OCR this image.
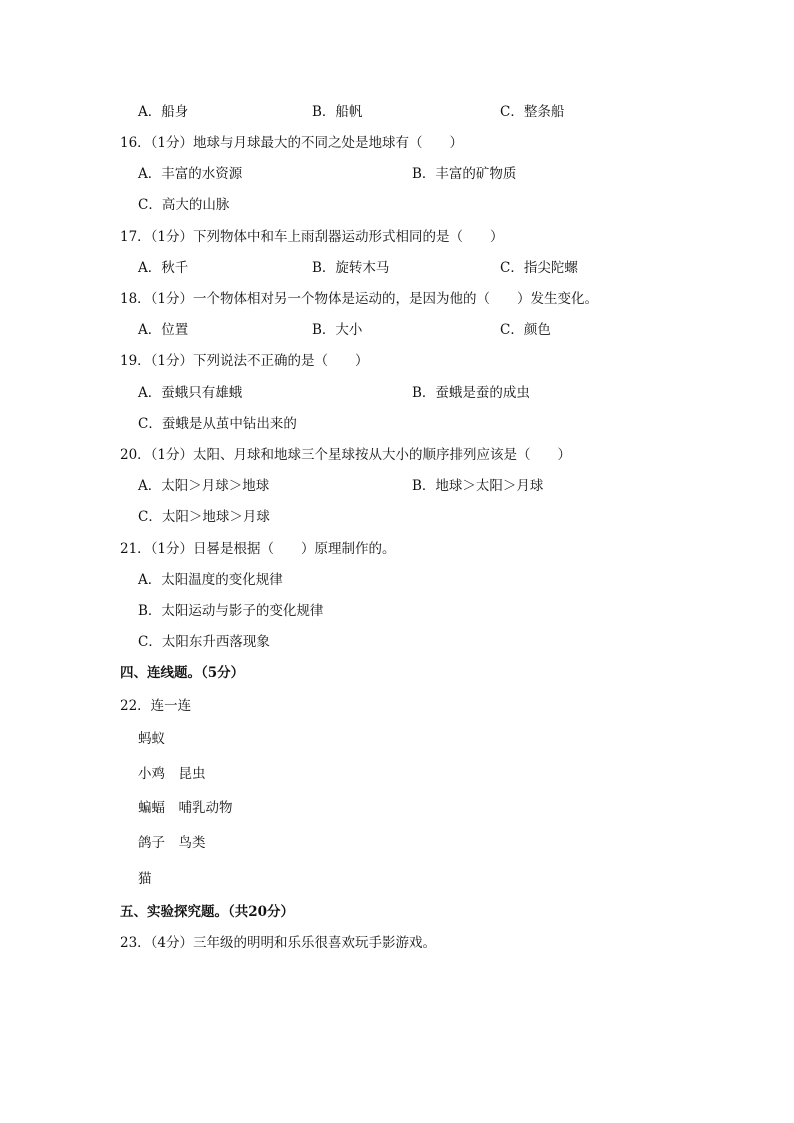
A．船身	B．船帆	C．整条船
16．（1分）地球与月球最大的不同之处是地球有（　　）
A．丰富的水资源	B．丰富的矿物质
C．高大的山脉
17．（1分）下列物体中和车上雨刮器运动形式相同的是（　　）
A．秋千	B．旋转木马	C．指尖陀螺
18．（1分）一个物体相对另一个物体是运动的，是因为他的（　　）发生变化。
A．位置	B．大小	C．颜色
19．（1分）下列说法不正确的是（　　）
A．蚕蛾只有雄蛾	B．蚕蛾是蚕的成虫
C．蚕蛾是从茧中钻出来的
20．（1分）太阳、月球和地球三个星球按从大小的顺序排列应该是（　　）
A．太阳＞月球＞地球	B．地球＞太阳＞月球
C．太阳＞地球＞月球
21．（1分）日晷是根据（　　）原理制作的。
A．太阳温度的变化规律
B．太阳运动与影子的变化规律
C．太阳东升西落现象
四、连线题。（5分）
22．连一连
蚂蚁
小鸡　昆虫
蝙蝠　哺乳动物
鸽子　鸟类
猫
五、实验探究题。（共20分）
23．（4分）三年级的明明和乐乐很喜欢玩手影游戏。
